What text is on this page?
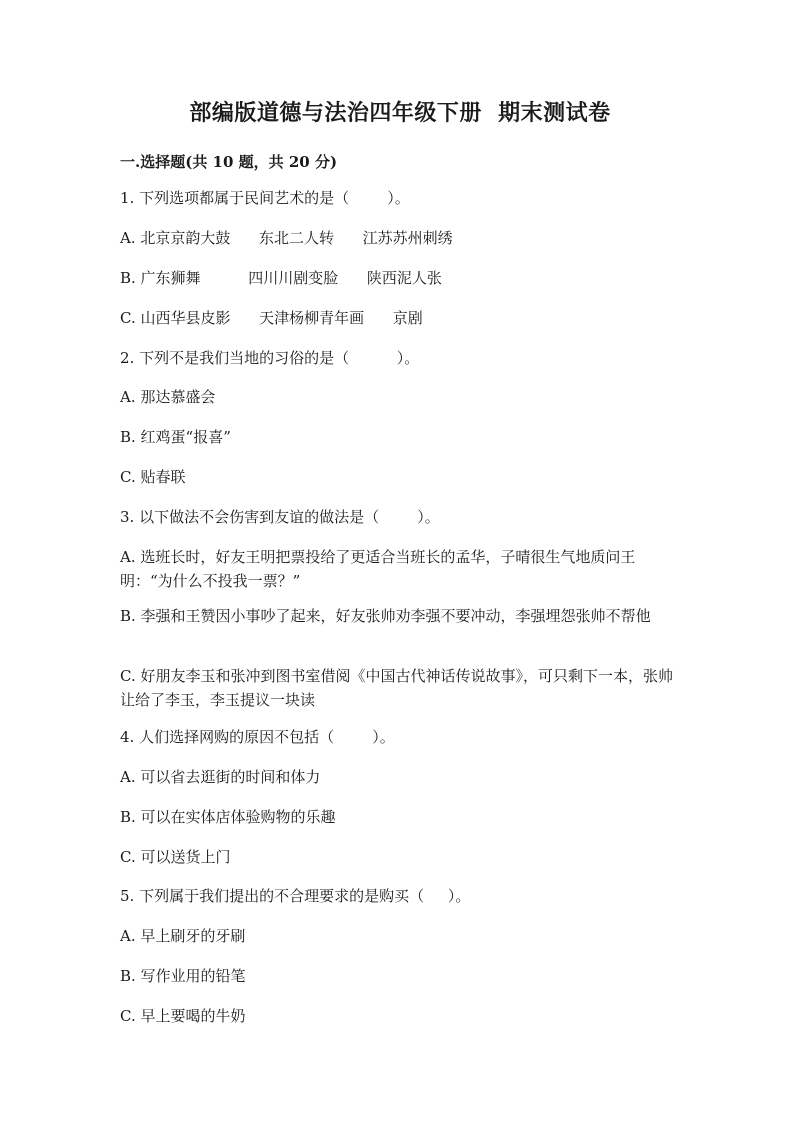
部编版道德与法治四年级下册  期末测试卷
一.选择题(共 10 题，共 20 分)
1. 下列选项都属于民间艺术的是（        ）。
A. 北京京韵大鼓      东北二人转      江苏苏州刺绣
B. 广东狮舞          四川川剧变脸      陕西泥人张
C. 山西华县皮影      天津杨柳青年画      京剧
2. 下列不是我们当地的习俗的是（          ）。
A. 那达慕盛会
B. 红鸡蛋“报喜”
C. 贴春联
3. 以下做法不会伤害到友谊的做法是（        ）。
A. 选班长时，好友王明把票投给了更适合当班长的孟华，子晴很生气地质问王明：“为什么不投我一票？”
B. 李强和王赞因小事吵了起来，好友张帅劝李强不要冲动，李强埋怨张帅不帮他
C. 好朋友李玉和张冲到图书室借阅《中国古代神话传说故事》，可只剩下一本，张帅让给了李玉，李玉提议一块读
4. 人们选择网购的原因不包括（        ）。
A. 可以省去逛街的时间和体力
B. 可以在实体店体验购物的乐趣
C. 可以送货上门
5. 下列属于我们提出的不合理要求的是购买（     ）。
A. 早上刷牙的牙刷
B. 写作业用的铅笔
C. 早上要喝的牛奶
